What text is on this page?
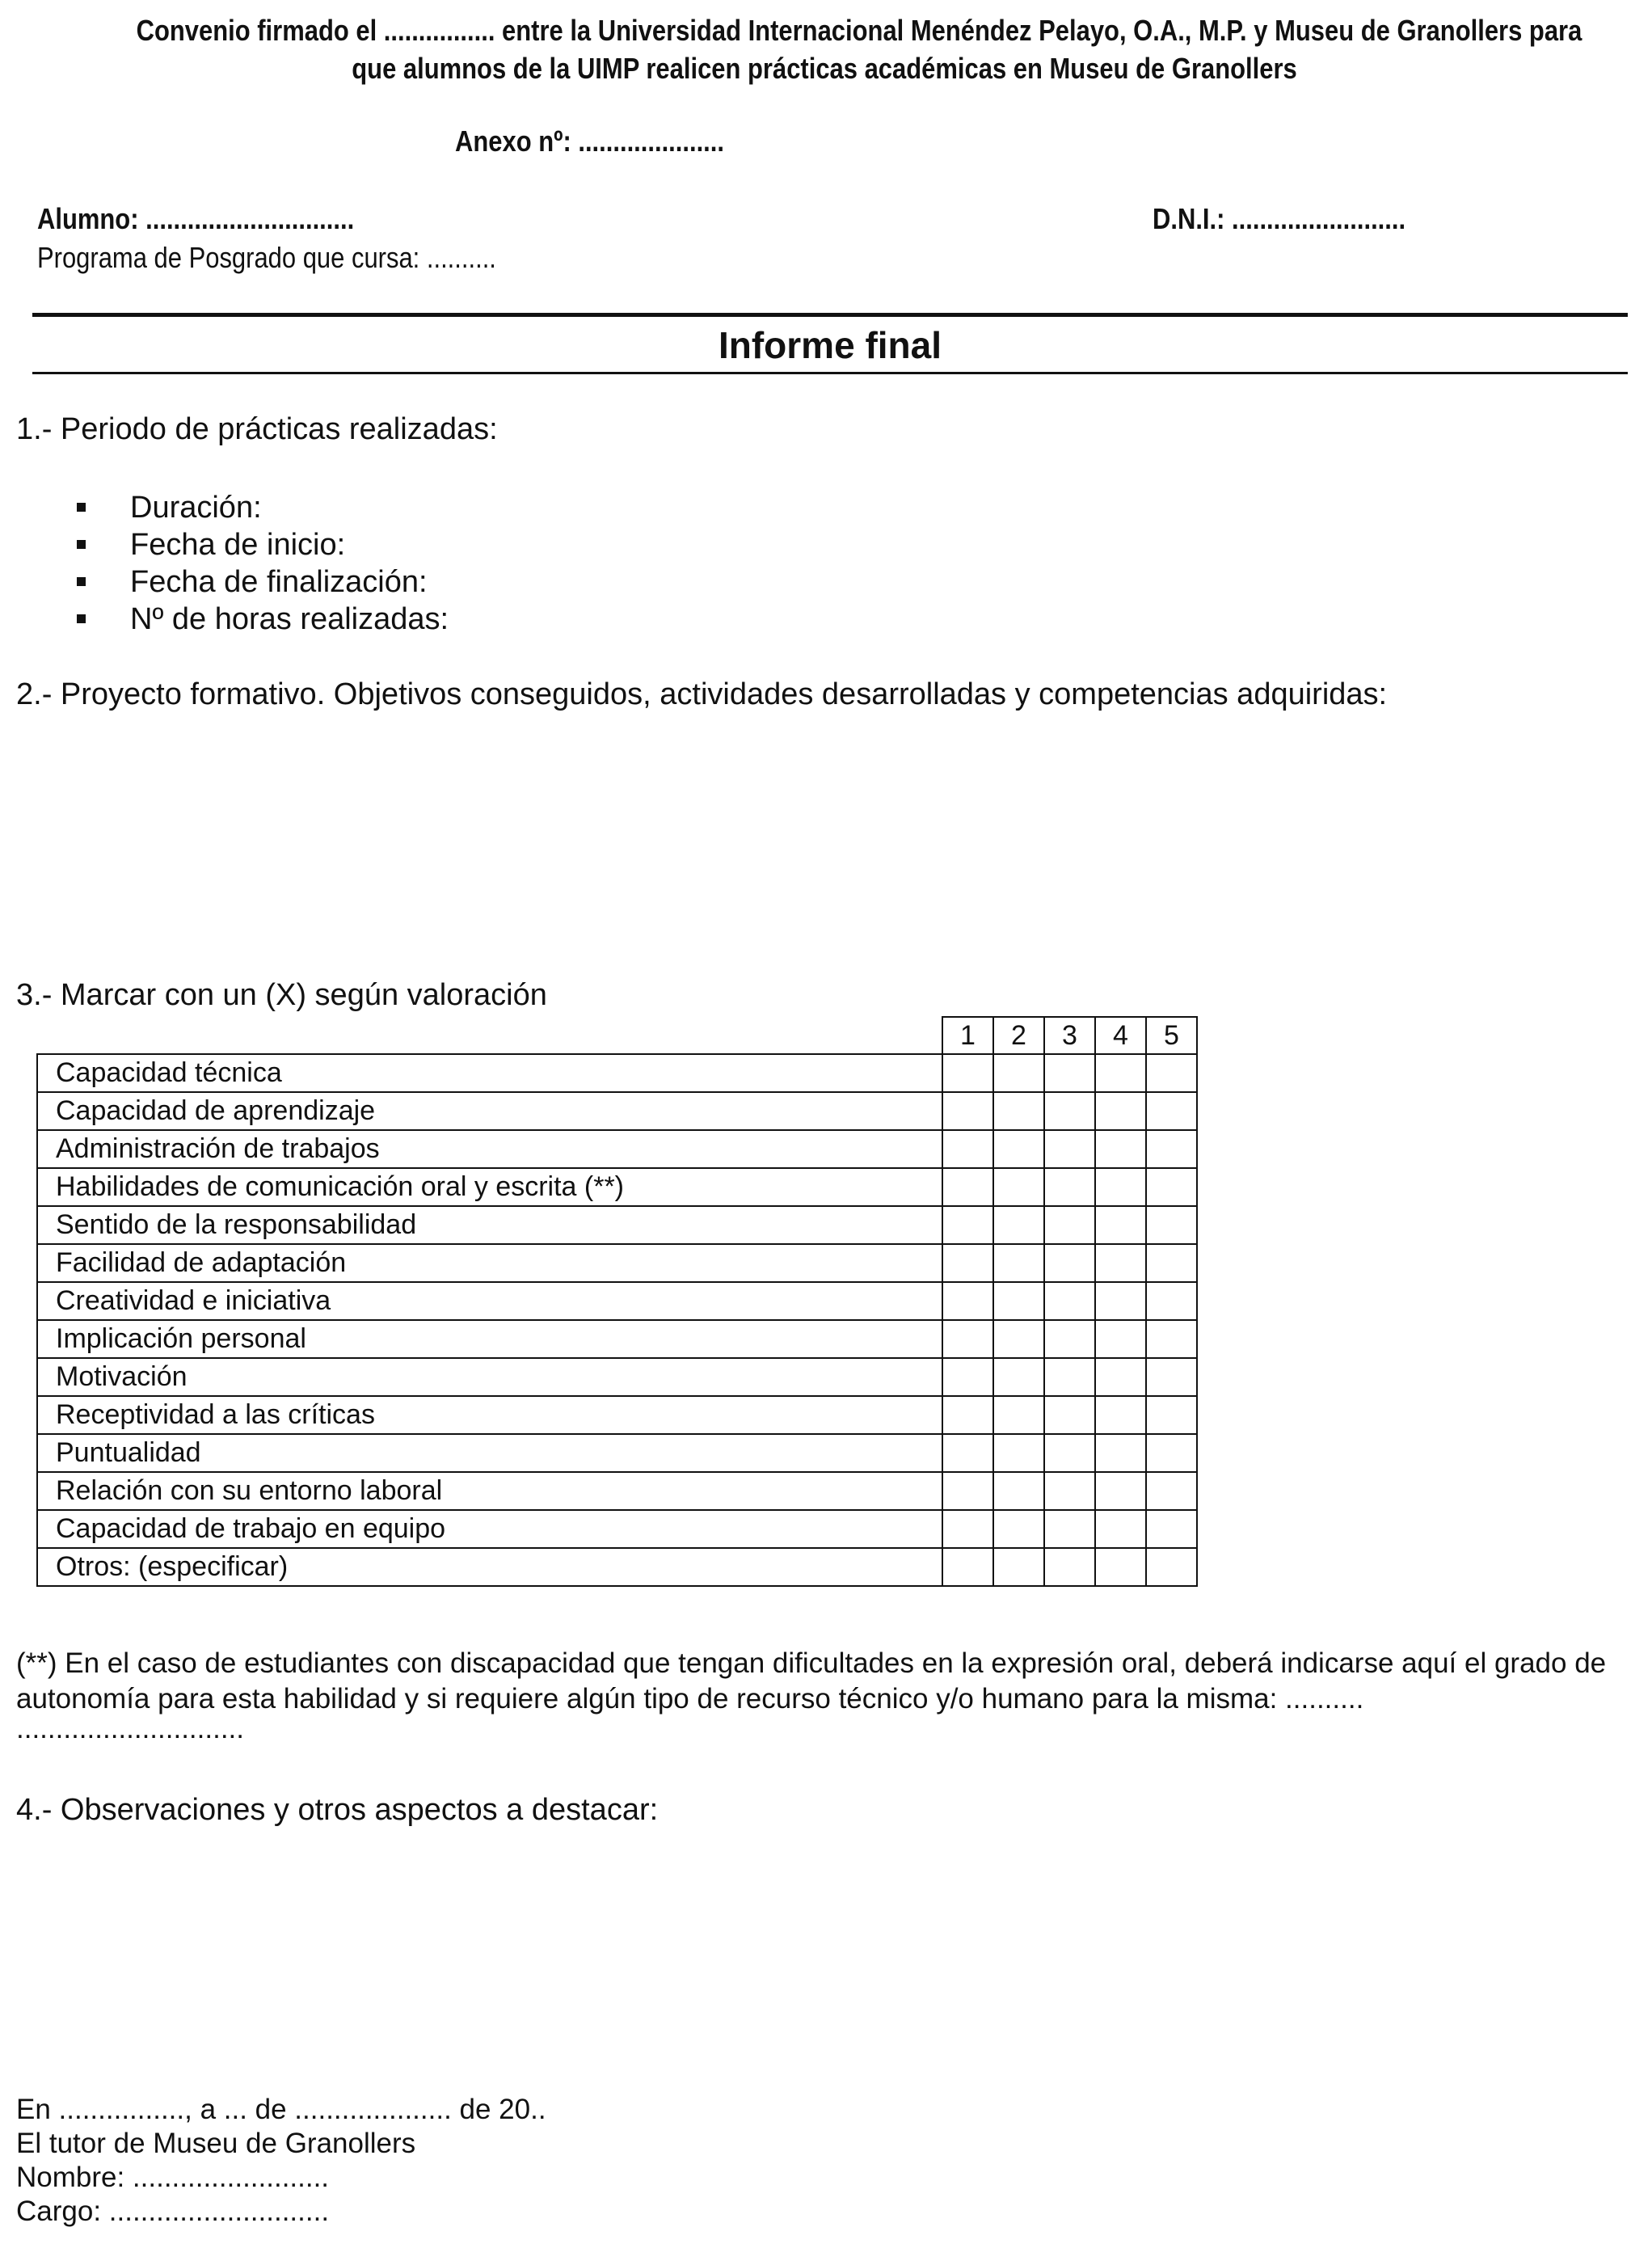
Convenio firmado el ................ entre la Universidad Internacional Menéndez Pelayo, O.A., M.P. y Museu de Granollers para
que alumnos de la UIMP realicen prácticas académicas en Museu de Granollers
Anexo nº: .....................
Alumno: ..............................	D.N.I.: .........................
Programa de Posgrado que cursa: ..........
Informe final
1.- Periodo de prácticas realizadas:
Duración:
Fecha de inicio:
Fecha de finalización:
Nº de horas realizadas:
2.- Proyecto formativo. Objetivos conseguidos, actividades desarrolladas y competencias adquiridas:
3.- Marcar con un (X) según valoración
	1	2	3	4	5
Capacidad técnica					
Capacidad de aprendizaje					
Administración de trabajos					
Habilidades de comunicación oral y escrita (**)					
Sentido de la responsabilidad					
Facilidad de adaptación					
Creatividad e iniciativa					
Implicación personal					
Motivación					
Receptividad a las críticas					
Puntualidad					
Relación con su entorno laboral					
Capacidad de trabajo en equipo					
Otros: (especificar)					
(**) En el caso de estudiantes con discapacidad que tengan dificultades en la expresión oral, deberá indicarse aquí el grado de
autonomía para esta habilidad y si requiere algún tipo de recurso técnico y/o humano para la misma: ..........
.............................
4.- Observaciones y otros aspectos a destacar:
En ................, a ... de .................... de 20..
El tutor de Museu de Granollers
Nombre: .........................
Cargo: ............................
